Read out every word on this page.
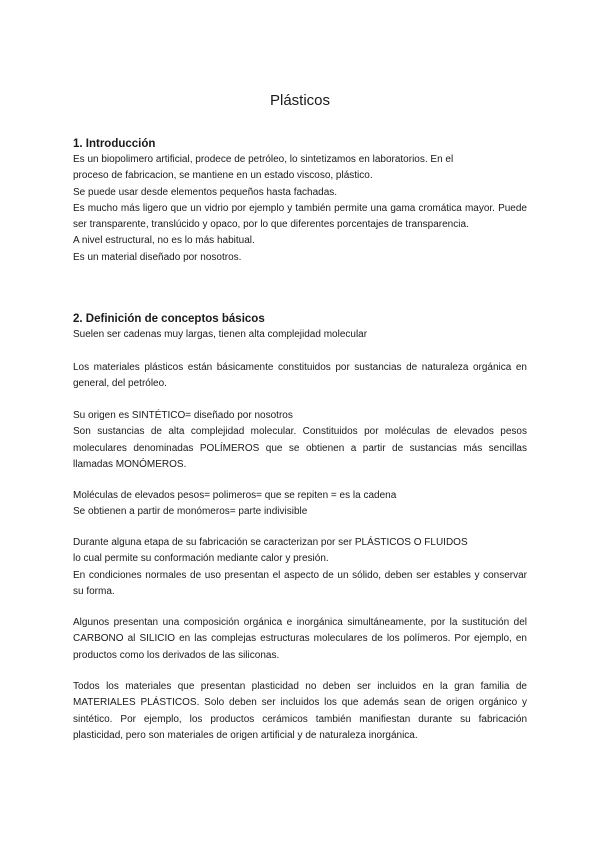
Plásticos
1. Introducción

Es un biopolimero artificial, prodece de petróleo, lo sintetizamos en laboratorios. En el

proceso de fabricacion, se mantiene en un estado viscoso, plástico.

Se puede usar desde elementos pequeños hasta fachadas.

Es mucho más ligero que un vidrio por ejemplo y también permite una gama cromática mayor. Puede ser transparente, translúcido y opaco, por lo que diferentes porcentajes de transparencia.

A nivel estructural, no es lo más habitual.

Es un material diseñado por nosotros.

2. Definición de conceptos básicos

Suelen ser cadenas muy largas, tienen alta complejidad molecular

Los materiales plásticos están básicamente constituidos por sustancias de naturaleza orgánica en general, del petróleo.

Su origen es SINTÉTICO= diseñado por nosotros

Son sustancias de alta complejidad molecular. Constituidos por moléculas de elevados pesos moleculares denominadas POLÍMEROS que se obtienen a partir de sustancias más sencillas llamadas MONÓMEROS.

Moléculas de elevados pesos= polimeros= que se repiten = es la cadena

Se obtienen a partir de monómeros= parte indivisible

Durante alguna etapa de su fabricación se caracterizan por ser PLÁSTICOS O FLUIDOS

lo cual permite su conformación mediante calor y presión.

En condiciones normales de uso presentan el aspecto de un sólido, deben ser estables y conservar su forma.

Algunos presentan una composición orgánica e inorgánica simultáneamente, por la sustitución del CARBONO al SILICIO en las complejas estructuras moleculares de los polímeros. Por ejemplo, en productos como los derivados de las siliconas.

Todos los materiales que presentan plasticidad no deben ser incluidos en la gran familia de MATERIALES PLÁSTICOS. Solo deben ser incluidos los que además sean de origen orgánico y sintético. Por ejemplo, los productos cerámicos también manifiestan durante su fabricación plasticidad, pero son materiales de origen artificial y de naturaleza inorgánica.
